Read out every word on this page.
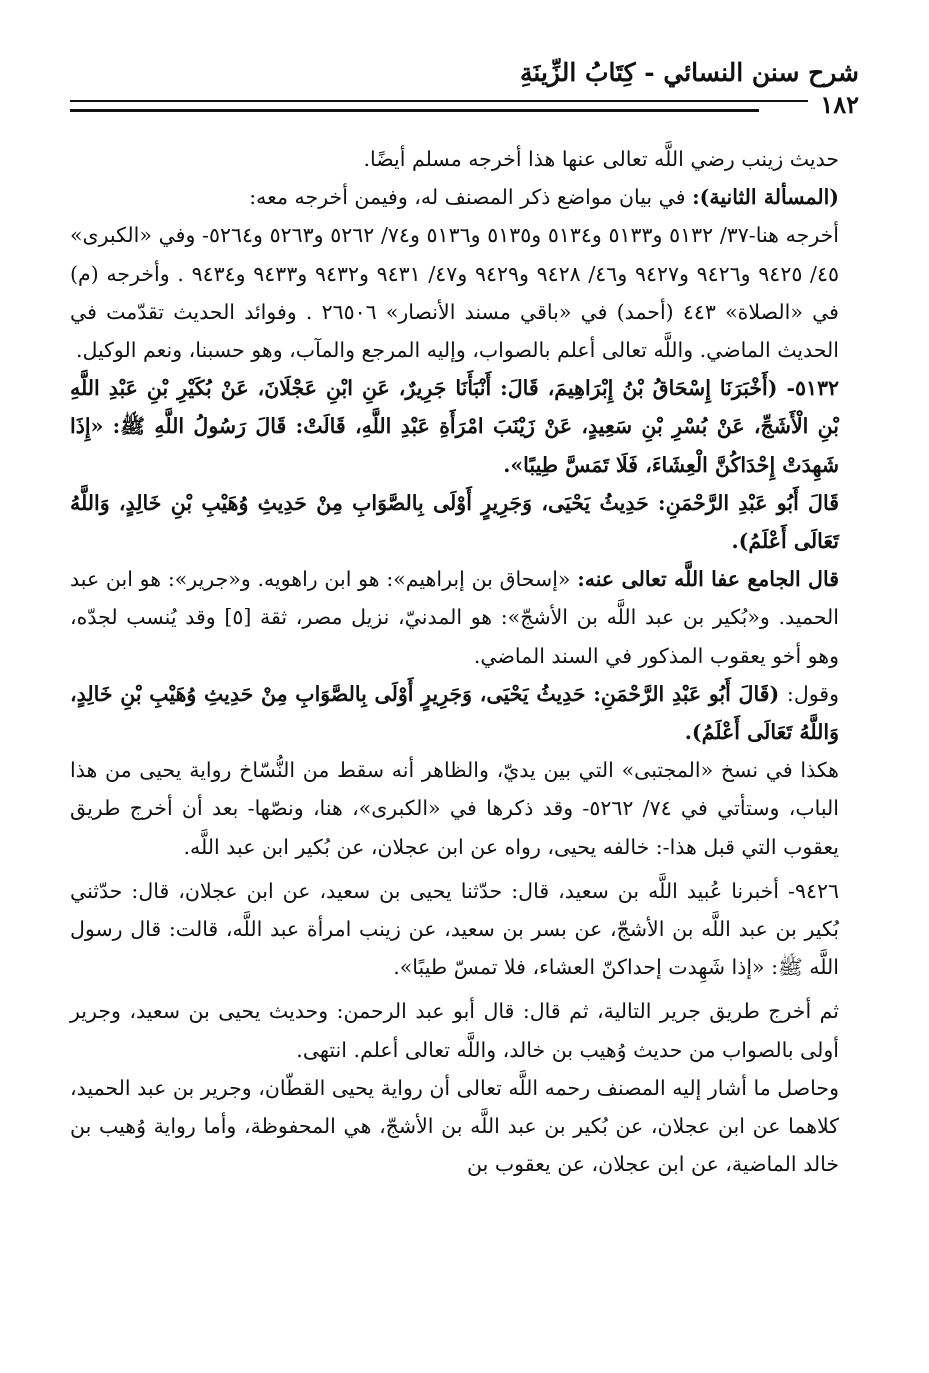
شرح سنن النسائي - كِتَابُ الزِّينَةِ
١٨٢

حديث زينب رضي اللَّه تعالى عنها هذا أخرجه مسلم أيضًا.

(المسألة الثانية): في بيان مواضع ذكر المصنف له، وفيمن أخرجه معه:

أخرجه هنا-٣٧/ ٥١٣٢ و٥١٣٣ و٥١٣٤ و٥١٣٥ و٥١٣٦ و٧٤/ ٥٢٦٢ و٥٢٦٣ و٥٢٦٤- وفي «الكبرى» ٤٥/ ٩٤٢٥ و٩٤٢٦ و٩٤٢٧ و٤٦/ ٩٤٢٨ و٩٤٢٩ و٤٧/ ٩٤٣١ و٩٤٣٢ و٩٤٣٣ و٩٤٣٤ . وأخرجه (م) في «الصلاة» ٤٤٣ (أحمد) في «باقي مسند الأنصار» ٢٦٥٠٦ . وفوائد الحديث تقدّمت في الحديث الماضي. واللَّه تعالى أعلم بالصواب، وإليه المرجع والمآب، وهو حسبنا، ونعم الوكيل.

٥١٣٢- (أَخْبَرَنَا إِسْحَاقُ بْنُ إِبْرَاهِيمَ، قَالَ: أَنْبَأَنَا جَرِيرٌ، عَنِ ابْنِ عَجْلَانَ، عَنْ بُكَيْرِ بْنِ عَبْدِ اللَّهِ بْنِ الْأَشَجِّ، عَنْ بُسْرِ بْنِ سَعِيدٍ، عَنْ زَيْنَبَ امْرَأَةِ عَبْدِ اللَّهِ، قَالَتْ: قَالَ رَسُولُ اللَّهِ ﷺ: «إِذَا شَهِدَتْ إِحْدَاكُنَّ الْعِشَاءَ، فَلَا تَمَسَّ طِيبًا».

قَالَ أَبُو عَبْدِ الرَّحْمَنِ: حَدِيثُ يَحْيَى، وَجَرِيرٍ أَوْلَى بِالصَّوَابِ مِنْ حَدِيثِ وُهَيْبِ بْنِ خَالِدٍ، وَاللَّهُ تَعَالَى أَعْلَمُ).

قال الجامع عفا اللَّه تعالى عنه: «إسحاق بن إبراهيم»: هو ابن راهويه. و«جرير»: هو ابن عبد الحميد. و«بُكير بن عبد اللَّه بن الأشجّ»: هو المدنيّ، نزيل مصر، ثقة [٥] وقد يُنسب لجدّه، وهو أخو يعقوب المذكور في السند الماضي.

وقول: (قَالَ أَبُو عَبْدِ الرَّحْمَنِ: حَدِيثُ يَحْيَى، وَجَرِيرٍ أَوْلَى بِالصَّوَابِ مِنْ حَدِيثِ وُهَيْبِ بْنِ خَالِدٍ، وَاللَّهُ تَعَالَى أَعْلَمُ).

هكذا في نسخ «المجتبى» التي بين يديّ، والظاهر أنه سقط من النُّسّاخ رواية يحيى من هذا الباب، وستأتي في ٧٤/ ٥٢٦٢- وقد ذكرها في «الكبرى»، هنا، ونصّها- بعد أن أخرج طريق يعقوب التي قبل هذا-: خالفه يحيى، رواه عن ابن عجلان، عن بُكير ابن عبد اللَّه.

٩٤٢٦- أخبرنا عُبيد اللَّه بن سعيد، قال: حدّثنا يحيى بن سعيد، عن ابن عجلان، قال: حدّثني بُكير بن عبد اللَّه بن الأشجّ، عن بسر بن سعيد، عن زينب امرأة عبد اللَّه، قالت: قال رسول اللَّه ﷺ: «إذا شَهِدت إحداكنّ العشاء، فلا تمسّ طيبًا».

ثم أخرج طريق جرير التالية، ثم قال: قال أبو عبد الرحمن: وحديث يحيى بن سعيد، وجرير أولى بالصواب من حديث وُهيب بن خالد، واللَّه تعالى أعلم. انتهى.

وحاصل ما أشار إليه المصنف رحمه اللَّه تعالى أن رواية يحيى القطّان، وجرير بن عبد الحميد، كلاهما عن ابن عجلان، عن بُكير بن عبد اللَّه بن الأشجّ، هي المحفوظة، وأما رواية وُهيب بن خالد الماضية، عن ابن عجلان، عن يعقوب بن
